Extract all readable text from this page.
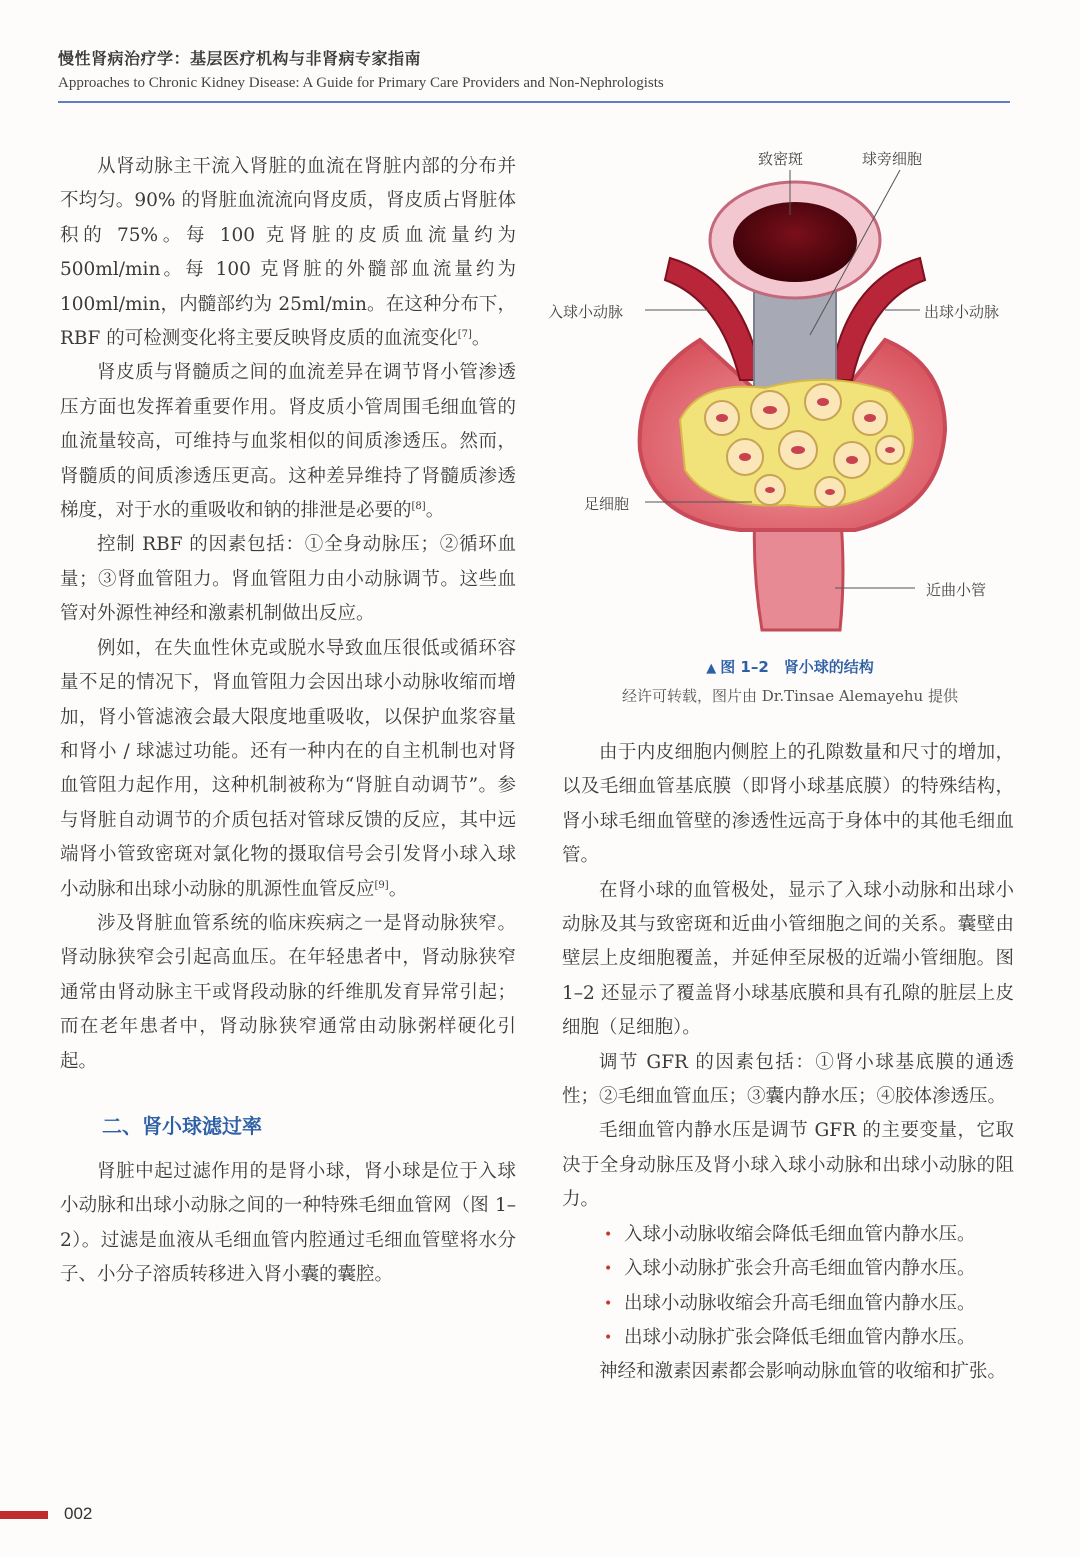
慢性肾病治疗学：基层医疗机构与非肾病专家指南
Approaches to Chronic Kidney Disease: A Guide for Primary Care Providers and Non-Nephrologists

从肾动脉主干流入肾脏的血流在肾脏内部的分布并不均匀。90% 的肾脏血流流向肾皮质，肾皮质占肾脏体积的 75%。每 100 克肾脏的皮质血流量约为 500ml/min。每 100 克肾脏的外髓部血流量约为 100ml/min，内髓部约为 25ml/min。在这种分布下，RBF 的可检测变化将主要反映肾皮质的血流变化[7]。

肾皮质与肾髓质之间的血流差异在调节肾小管渗透压方面也发挥着重要作用。肾皮质小管周围毛细血管的血流量较高，可维持与血浆相似的间质渗透压。然而，肾髓质的间质渗透压更高。这种差异维持了肾髓质渗透梯度，对于水的重吸收和钠的排泄是必要的[8]。

控制 RBF 的因素包括：①全身动脉压；②循环血量；③肾血管阻力。肾血管阻力由小动脉调节。这些血管对外源性神经和激素机制做出反应。

例如，在失血性休克或脱水导致血压很低或循环容量不足的情况下，肾血管阻力会因出球小动脉收缩而增加，肾小管滤液会最大限度地重吸收，以保护血浆容量和肾小 / 球滤过功能。还有一种内在的自主机制也对肾血管阻力起作用，这种机制被称为“肾脏自动调节”。参与肾脏自动调节的介质包括对管球反馈的反应，其中远端肾小管致密斑对氯化物的摄取信号会引发肾小球入球小动脉和出球小动脉的肌源性血管反应[9]。

涉及肾脏血管系统的临床疾病之一是肾动脉狭窄。肾动脉狭窄会引起高血压。在年轻患者中，肾动脉狭窄通常由肾动脉主干或肾段动脉的纤维肌发育异常引起；而在老年患者中，肾动脉狭窄通常由动脉粥样硬化引起。

二、肾小球滤过率

肾脏中起过滤作用的是肾小球，肾小球是位于入球小动脉和出球小动脉之间的一种特殊毛细血管网（图 1–2）。过滤是血液从毛细血管内腔通过毛细血管壁将水分子、小分子溶质转移进入肾小囊的囊腔。

致密斑	球旁细胞
入球小动脉	出球小动脉
足细胞
近曲小管
▲ 图 1–2　肾小球的结构
经许可转载，图片由 Dr.Tinsae Alemayehu 提供

由于内皮细胞内侧腔上的孔隙数量和尺寸的增加，以及毛细血管基底膜（即肾小球基底膜）的特殊结构，肾小球毛细血管壁的渗透性远高于身体中的其他毛细血管。

在肾小球的血管极处，显示了入球小动脉和出球小动脉及其与致密斑和近曲小管细胞之间的关系。囊壁由壁层上皮细胞覆盖，并延伸至尿极的近端小管细胞。图 1–2 还显示了覆盖肾小球基底膜和具有孔隙的脏层上皮细胞（足细胞）。

调节 GFR 的因素包括：①肾小球基底膜的通透性；②毛细血管血压；③囊内静水压；④胶体渗透压。

毛细血管内静水压是调节 GFR 的主要变量，它取决于全身动脉压及肾小球入球小动脉和出球小动脉的阻力。

• 入球小动脉收缩会降低毛细血管内静水压。
• 入球小动脉扩张会升高毛细血管内静水压。
• 出球小动脉收缩会升高毛细血管内静水压。
• 出球小动脉扩张会降低毛细血管内静水压。

神经和激素因素都会影响动脉血管的收缩和扩张。

002
